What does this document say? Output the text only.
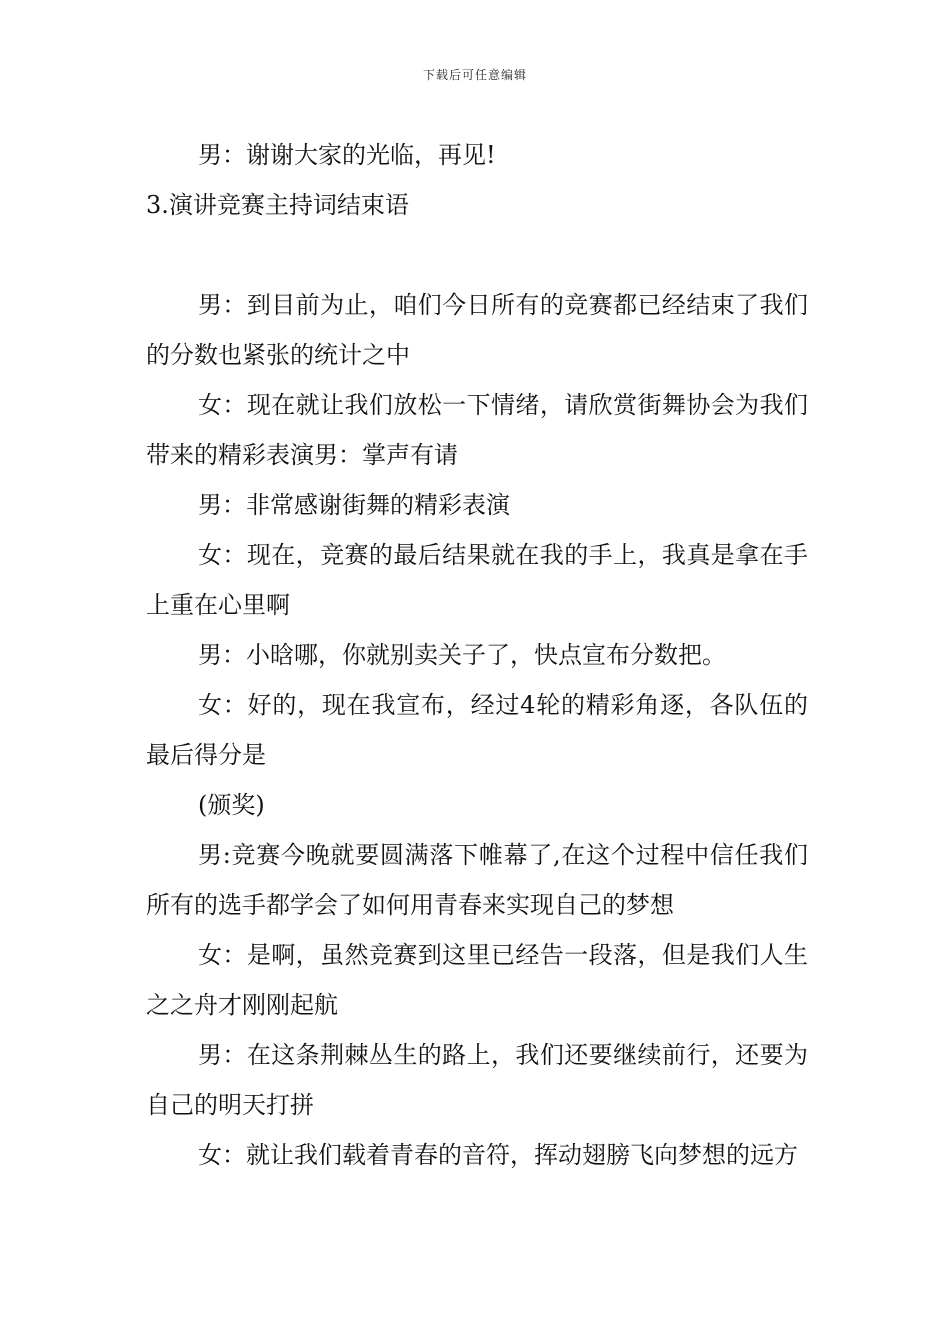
下载后可任意编辑

男：谢谢大家的光临，再见!

3.演讲竞赛主持词结束语

男：到目前为止，咱们今日所有的竞赛都已经结束了我们的分数也紧张的统计之中

女：现在就让我们放松一下情绪，请欣赏街舞协会为我们带来的精彩表演男：掌声有请

男：非常感谢街舞的精彩表演

女：现在，竞赛的最后结果就在我的手上，我真是拿在手上重在心里啊

男：小晗哪，你就别卖关子了，快点宣布分数把。

女：好的，现在我宣布，经过4轮的精彩角逐，各队伍的最后得分是

(颁奖)

男:竞赛今晚就要圆满落下帷幕了,在这个过程中信任我们所有的选手都学会了如何用青春来实现自己的梦想

女：是啊，虽然竞赛到这里已经告一段落，但是我们人生之之舟才刚刚起航

男：在这条荆棘丛生的路上，我们还要继续前行，还要为自己的明天打拼

女：就让我们载着青春的音符，挥动翅膀飞向梦想的远方
